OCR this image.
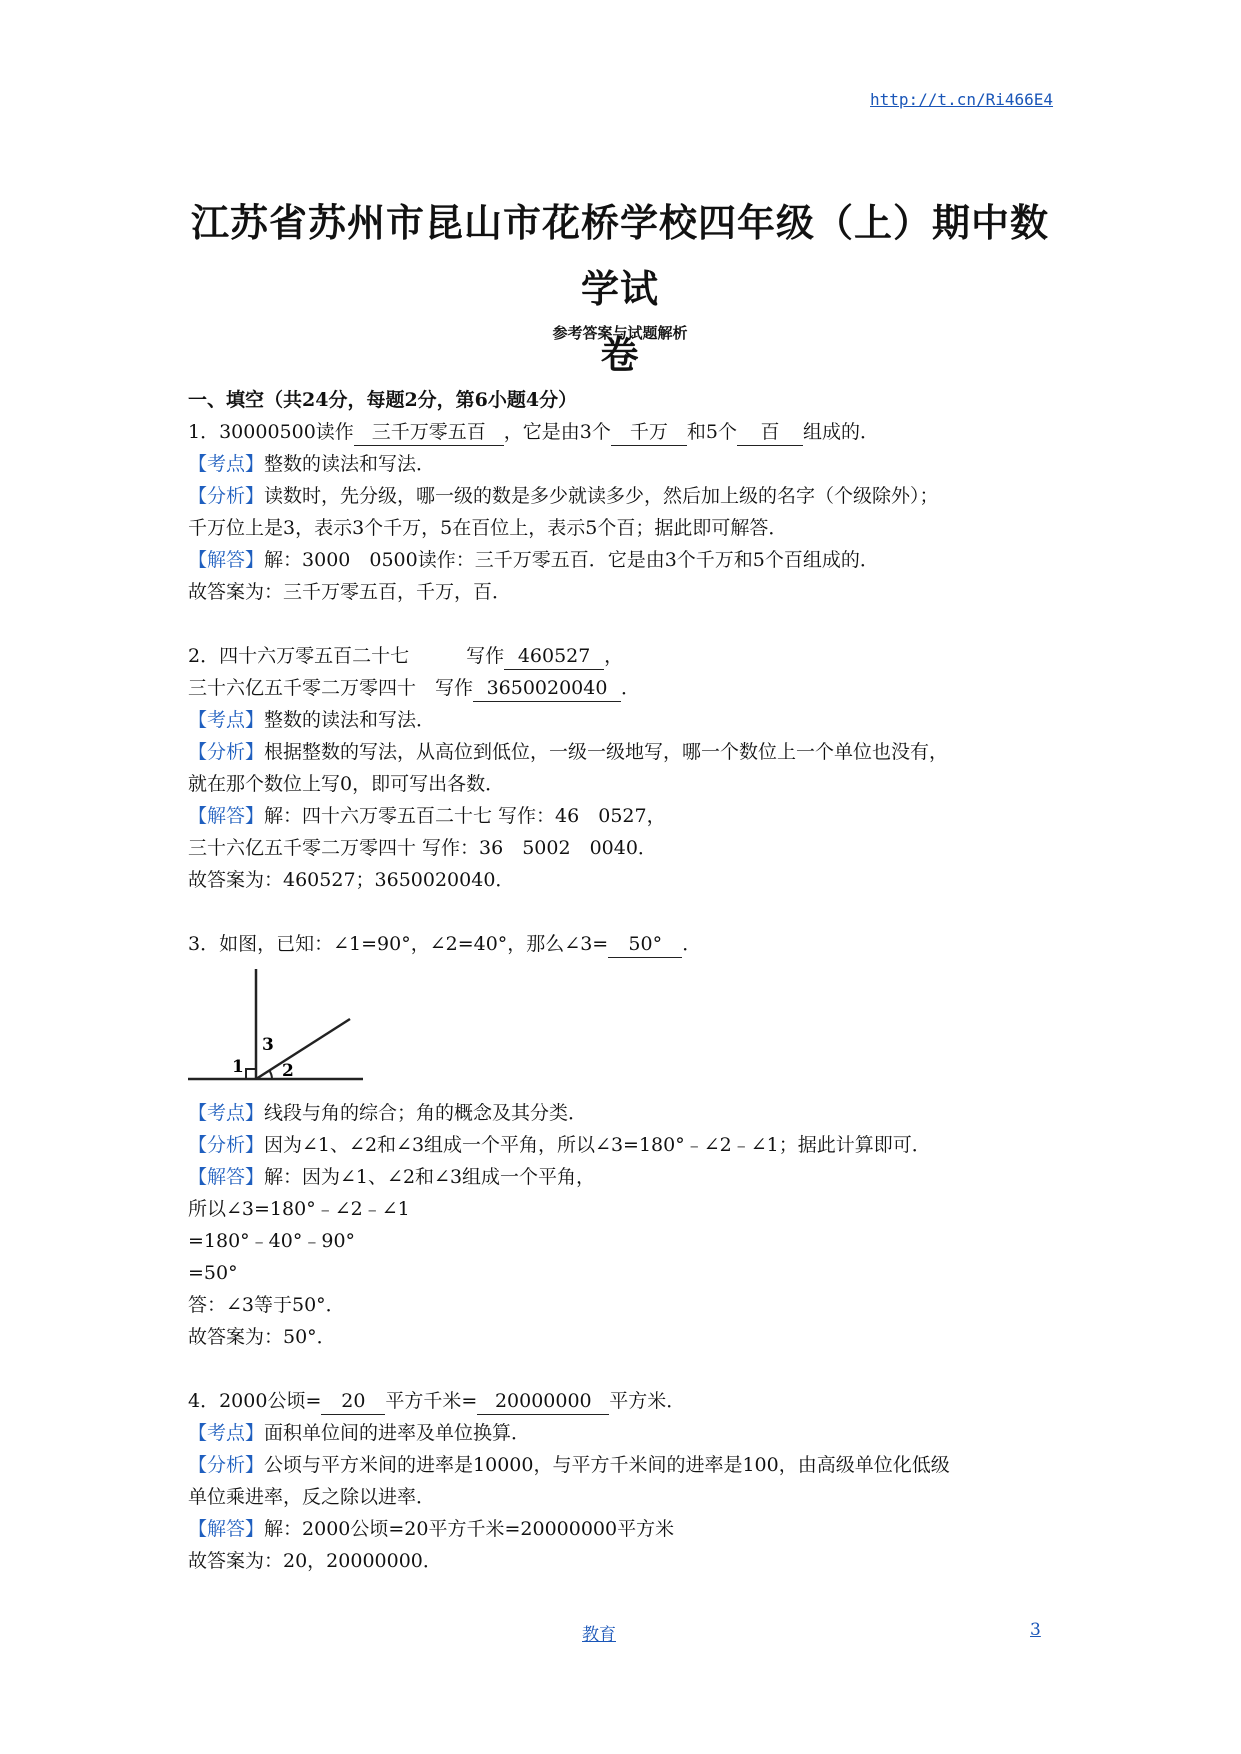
http://t.cn/Ri466E4
江苏省苏州市昆山市花桥学校四年级（上）期中数学试
卷
参考答案与试题解析
一、填空（共24分，每题2分，第6小题4分）
1．30000500读作 三千万零五百 ，它是由3个 千万 和5个 百 组成的．
【考点】整数的读法和写法．
【分析】读数时，先分级，哪一级的数是多少就读多少，然后加上级的名字（个级除外）；
千万位上是3，表示3个千万，5在百位上，表示5个百；据此即可解答．
【解答】解：3000　0500读作：三千万零五百．它是由3个千万和5个百组成的．
故答案为：三千万零五百，千万，百．
2．四十六万零五百二十七　　　写作 460527 ，
三十六亿五千零二万零四十　写作 3650020040 ．
【考点】整数的读法和写法．
【分析】根据整数的写法，从高位到低位，一级一级地写，哪一个数位上一个单位也没有，
就在那个数位上写0，即可写出各数．
【解答】解：四十六万零五百二十七 写作：46　0527，
三十六亿五千零二万零四十 写作：36　5002　0040．
故答案为：460527；3650020040．
3．如图，已知：∠1=90°，∠2=40°，那么∠3= 50° ．
1 2
3
【考点】线段与角的综合；角的概念及其分类．
【分析】因为∠1、∠2和∠3组成一个平角，所以∠3=180°﹣∠2﹣∠1；据此计算即可．
【解答】解：因为∠1、∠2和∠3组成一个平角，
所以∠3=180°﹣∠2﹣∠1
=180°﹣40°﹣90°
=50°
答：∠3等于50°．
故答案为：50°．
4．2000公顷= 20 平方千米= 20000000 平方米．
【考点】面积单位间的进率及单位换算．
【分析】公顷与平方米间的进率是10000，与平方千米间的进率是100，由高级单位化低级
单位乘进率，反之除以进率．
【解答】解：2000公顷=20平方千米=20000000平方米
故答案为：20，20000000．
教育	3
